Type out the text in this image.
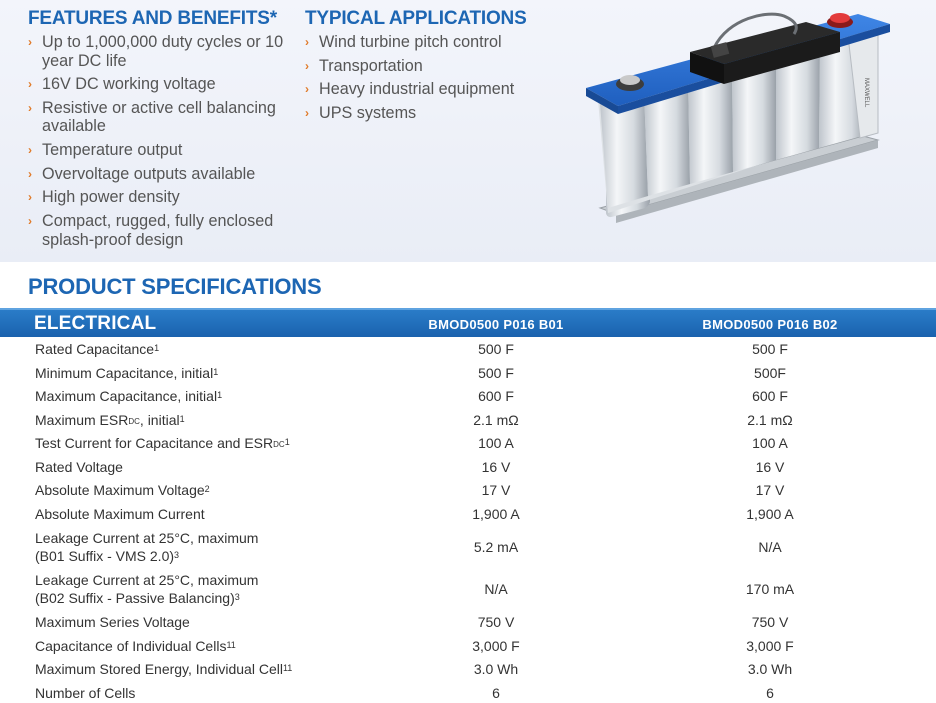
FEATURES AND BENEFITS*
› Up to 1,000,000 duty cycles or 10 year DC life
› 16V DC working voltage
› Resistive or active cell balancing available
› Temperature output
› Overvoltage outputs available
› High power density
› Compact, rugged, fully enclosed splash-proof design
TYPICAL APPLICATIONS
› Wind turbine pitch control
› Transportation
› Heavy industrial equipment
› UPS systems
MAXWELL
PRODUCT SPECIFICATIONS
ELECTRICAL	BMOD0500 P016 B01	BMOD0500 P016 B02
Rated Capacitance$^1$	500 F	500 F
Minimum Capacitance, initial$^1$	500 F	500F
Maximum Capacitance, initial$^1$	600 F	600 F
Maximum $ESR_{DC}$, initial$^1$	2.1 mΩ	2.1 mΩ
Test Current for Capacitance and $ESR_{DC}^1$	100 A	100 A
Rated Voltage	16 V	16 V
Absolute Maximum Voltage$^2$	17 V	17 V
Absolute Maximum Current	1,900 A	1,900 A
Leakage Current at 25°C, maximum
(B01 Suffix - VMS 2.0)$^3$	5.2 mA	N/A
Leakage Current at 25°C, maximum
(B02 Suffix - Passive Balancing)$^3$	N/A	170 mA
Maximum Series Voltage	750 V	750 V
Capacitance of Individual Cells$^{11}$	3,000 F	3,000 F
Maximum Stored Energy, Individual Cell$^{11}$	3.0 Wh	3.0 Wh
Number of Cells	6	6
